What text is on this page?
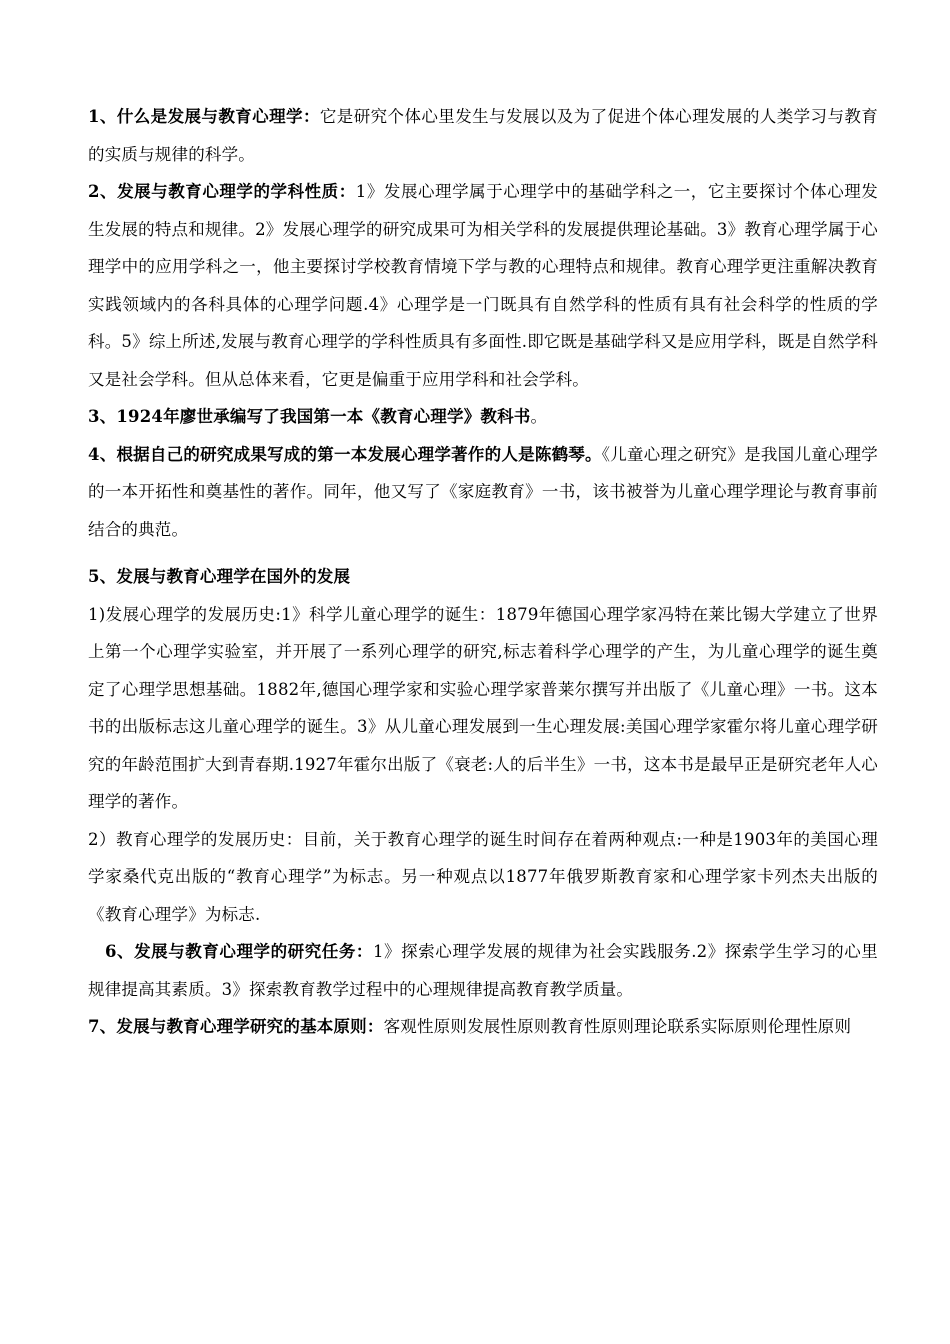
1、什么是发展与教育心理学：它是研究个体心里发生与发展以及为了促进个体心理发展的人类学习与教育的实质与规律的科学。

2、发展与教育心理学的学科性质：1》发展心理学属于心理学中的基础学科之一，它主要探讨个体心理发生发展的特点和规律。2》发展心理学的研究成果可为相关学科的发展提供理论基础。3》教育心理学属于心理学中的应用学科之一，他主要探讨学校教育情境下学与教的心理特点和规律。教育心理学更注重解决教育实践领域内的各科具体的心理学问题.4》心理学是一门既具有自然学科的性质有具有社会科学的性质的学科。5》综上所述,发展与教育心理学的学科性质具有多面性.即它既是基础学科又是应用学科，既是自然学科又是社会学科。但从总体来看，它更是偏重于应用学科和社会学科。

3、1924年廖世承编写了我国第一本《教育心理学》教科书。

4、根据自己的研究成果写成的第一本发展心理学著作的人是陈鹤琴。《儿童心理之研究》是我国儿童心理学的一本开拓性和奠基性的著作。同年，他又写了《家庭教育》一书，该书被誉为儿童心理学理论与教育事前结合的典范。

5、发展与教育心理学在国外的发展

1)发展心理学的发展历史:1》科学儿童心理学的诞生：1879年德国心理学家冯特在莱比锡大学建立了世界上第一个心理学实验室，并开展了一系列心理学的研究,标志着科学心理学的产生，为儿童心理学的诞生奠定了心理学思想基础。1882年,德国心理学家和实验心理学家普莱尔撰写并出版了《儿童心理》一书。这本书的出版标志这儿童心理学的诞生。3》从儿童心理发展到一生心理发展:美国心理学家霍尔将儿童心理学研究的年龄范围扩大到青春期.1927年霍尔出版了《衰老:人的后半生》一书，这本书是最早正是研究老年人心理学的著作。

2）教育心理学的发展历史：目前，关于教育心理学的诞生时间存在着两种观点:一种是1903年的美国心理学家桑代克出版的“教育心理学”为标志。另一种观点以1877年俄罗斯教育家和心理学家卡列杰夫出版的《教育心理学》为标志.

6、发展与教育心理学的研究任务：1》探索心理学发展的规律为社会实践服务.2》探索学生学习的心里规律提高其素质。3》探索教育教学过程中的心理规律提高教育教学质量。

7、发展与教育心理学研究的基本原则：客观性原则发展性原则教育性原则理论联系实际原则伦理性原则
